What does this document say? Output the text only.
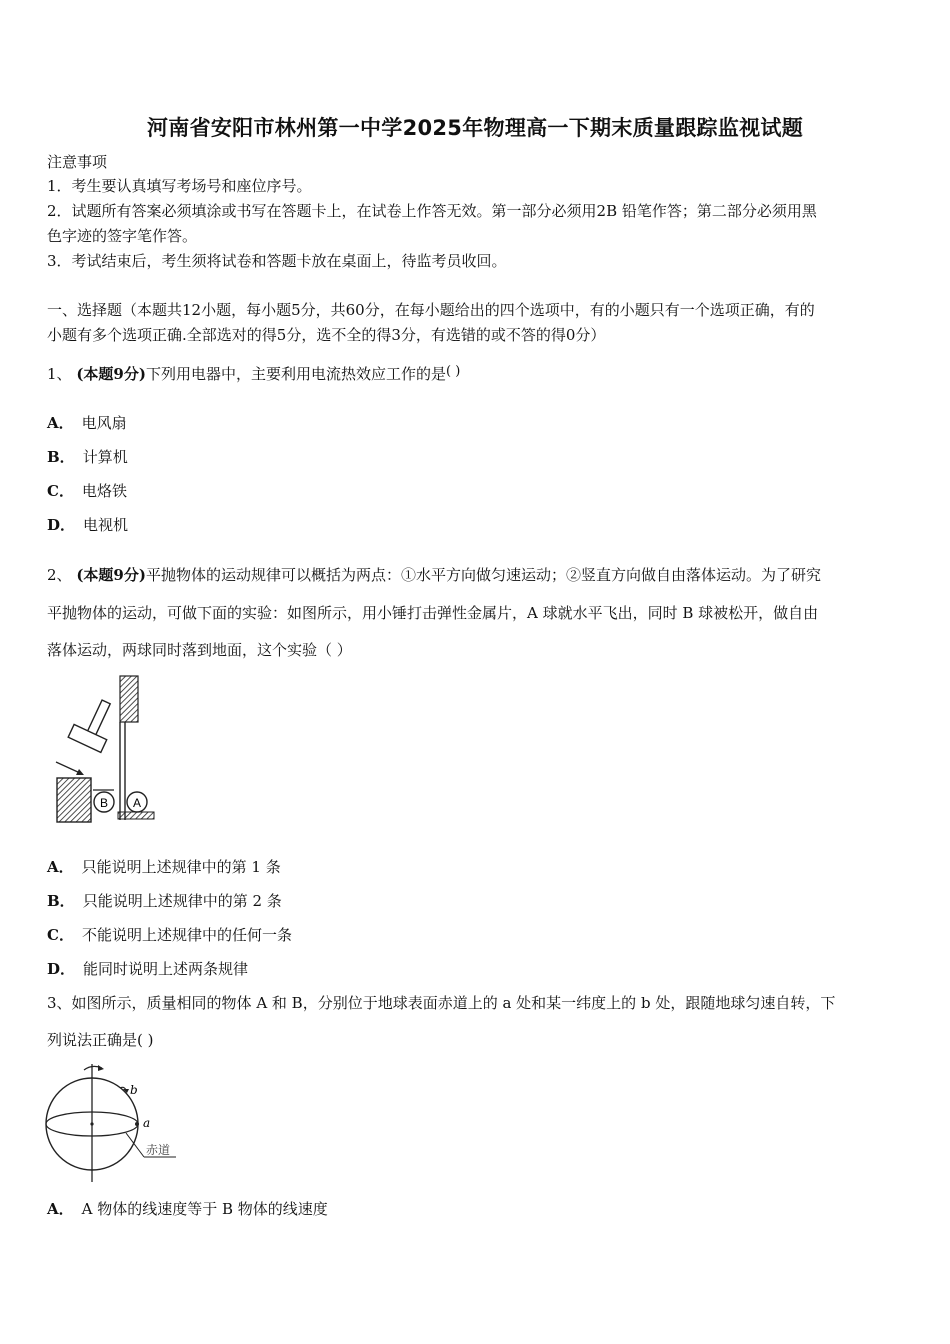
河南省安阳市林州第一中学2025年物理高一下期末质量跟踪监视试题
注意事项
1．考生要认真填写考场号和座位序号。
2．试题所有答案必须填涂或书写在答题卡上，在试卷上作答无效。第一部分必须用2B 铅笔作答；第二部分必须用黑
色字迹的签字笔作答。
3．考试结束后，考生须将试卷和答题卡放在桌面上，待监考员收回。
一、选择题（本题共12小题，每小题5分，共60分，在每小题给出的四个选项中，有的小题只有一个选项正确，有的
小题有多个选项正确.全部选对的得5分，选不全的得3分，有选错的或不答的得0分）
1、 (本题9分)下列用电器中，主要利用电流热效应工作的是( )
A． 电风扇
B． 计算机
C． 电烙铁
D． 电视机
2、 (本题9分)平抛物体的运动规律可以概括为两点：①水平方向做匀速运动；②竖直方向做自由落体运动。为了研究
平抛物体的运动，可做下面的实验：如图所示，用小锤打击弹性金属片，A 球就水平飞出，同时 B 球被松开，做自由
落体运动，两球同时落到地面，这个实验（ ）
B A
A． 只能说明上述规律中的第 1 条
B． 只能说明上述规律中的第 2 条
C． 不能说明上述规律中的任何一条
D． 能同时说明上述两条规律
3、如图所示，质量相同的物体 A 和 B，分别位于地球表面赤道上的 a 处和某一纬度上的 b 处，跟随地球匀速自转，下
列说法正确是( )
b
a
赤道
A． A 物体的线速度等于 B 物体的线速度
